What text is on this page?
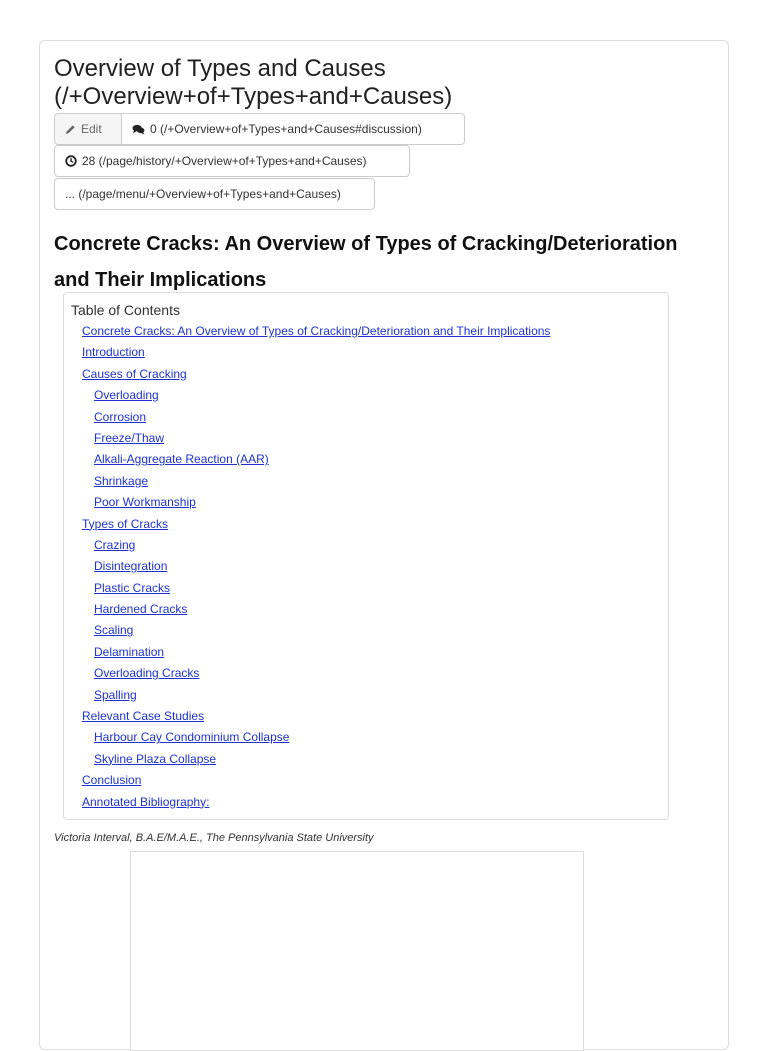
Overview of Types and Causes (/+Overview+of+Types+and+Causes)
Edit	0 (/+Overview+of+Types+and+Causes#discussion)
28 (/page/history/+Overview+of+Types+and+Causes)
... (/page/menu/+Overview+of+Types+and+Causes)
Concrete Cracks: An Overview of Types of Cracking/Deterioration and Their Implications

Table of Contents

Concrete Cracks: An Overview of Types of Cracking/Deterioration and Their Implications
Introduction
Causes of Cracking
Overloading
Corrosion
Freeze/Thaw
Alkali-Aggregate Reaction (AAR)
Shrinkage
Poor Workmanship
Types of Cracks
Crazing
Disintegration
Plastic Cracks
Hardened Cracks
Scaling
Delamination
Overloading Cracks
Spalling
Relevant Case Studies
Harbour Cay Condominium Collapse
Skyline Plaza Collapse
Conclusion
Annotated Bibliography:

Victoria Interval, B.A.E/M.A.E., The Pennsylvania State University
